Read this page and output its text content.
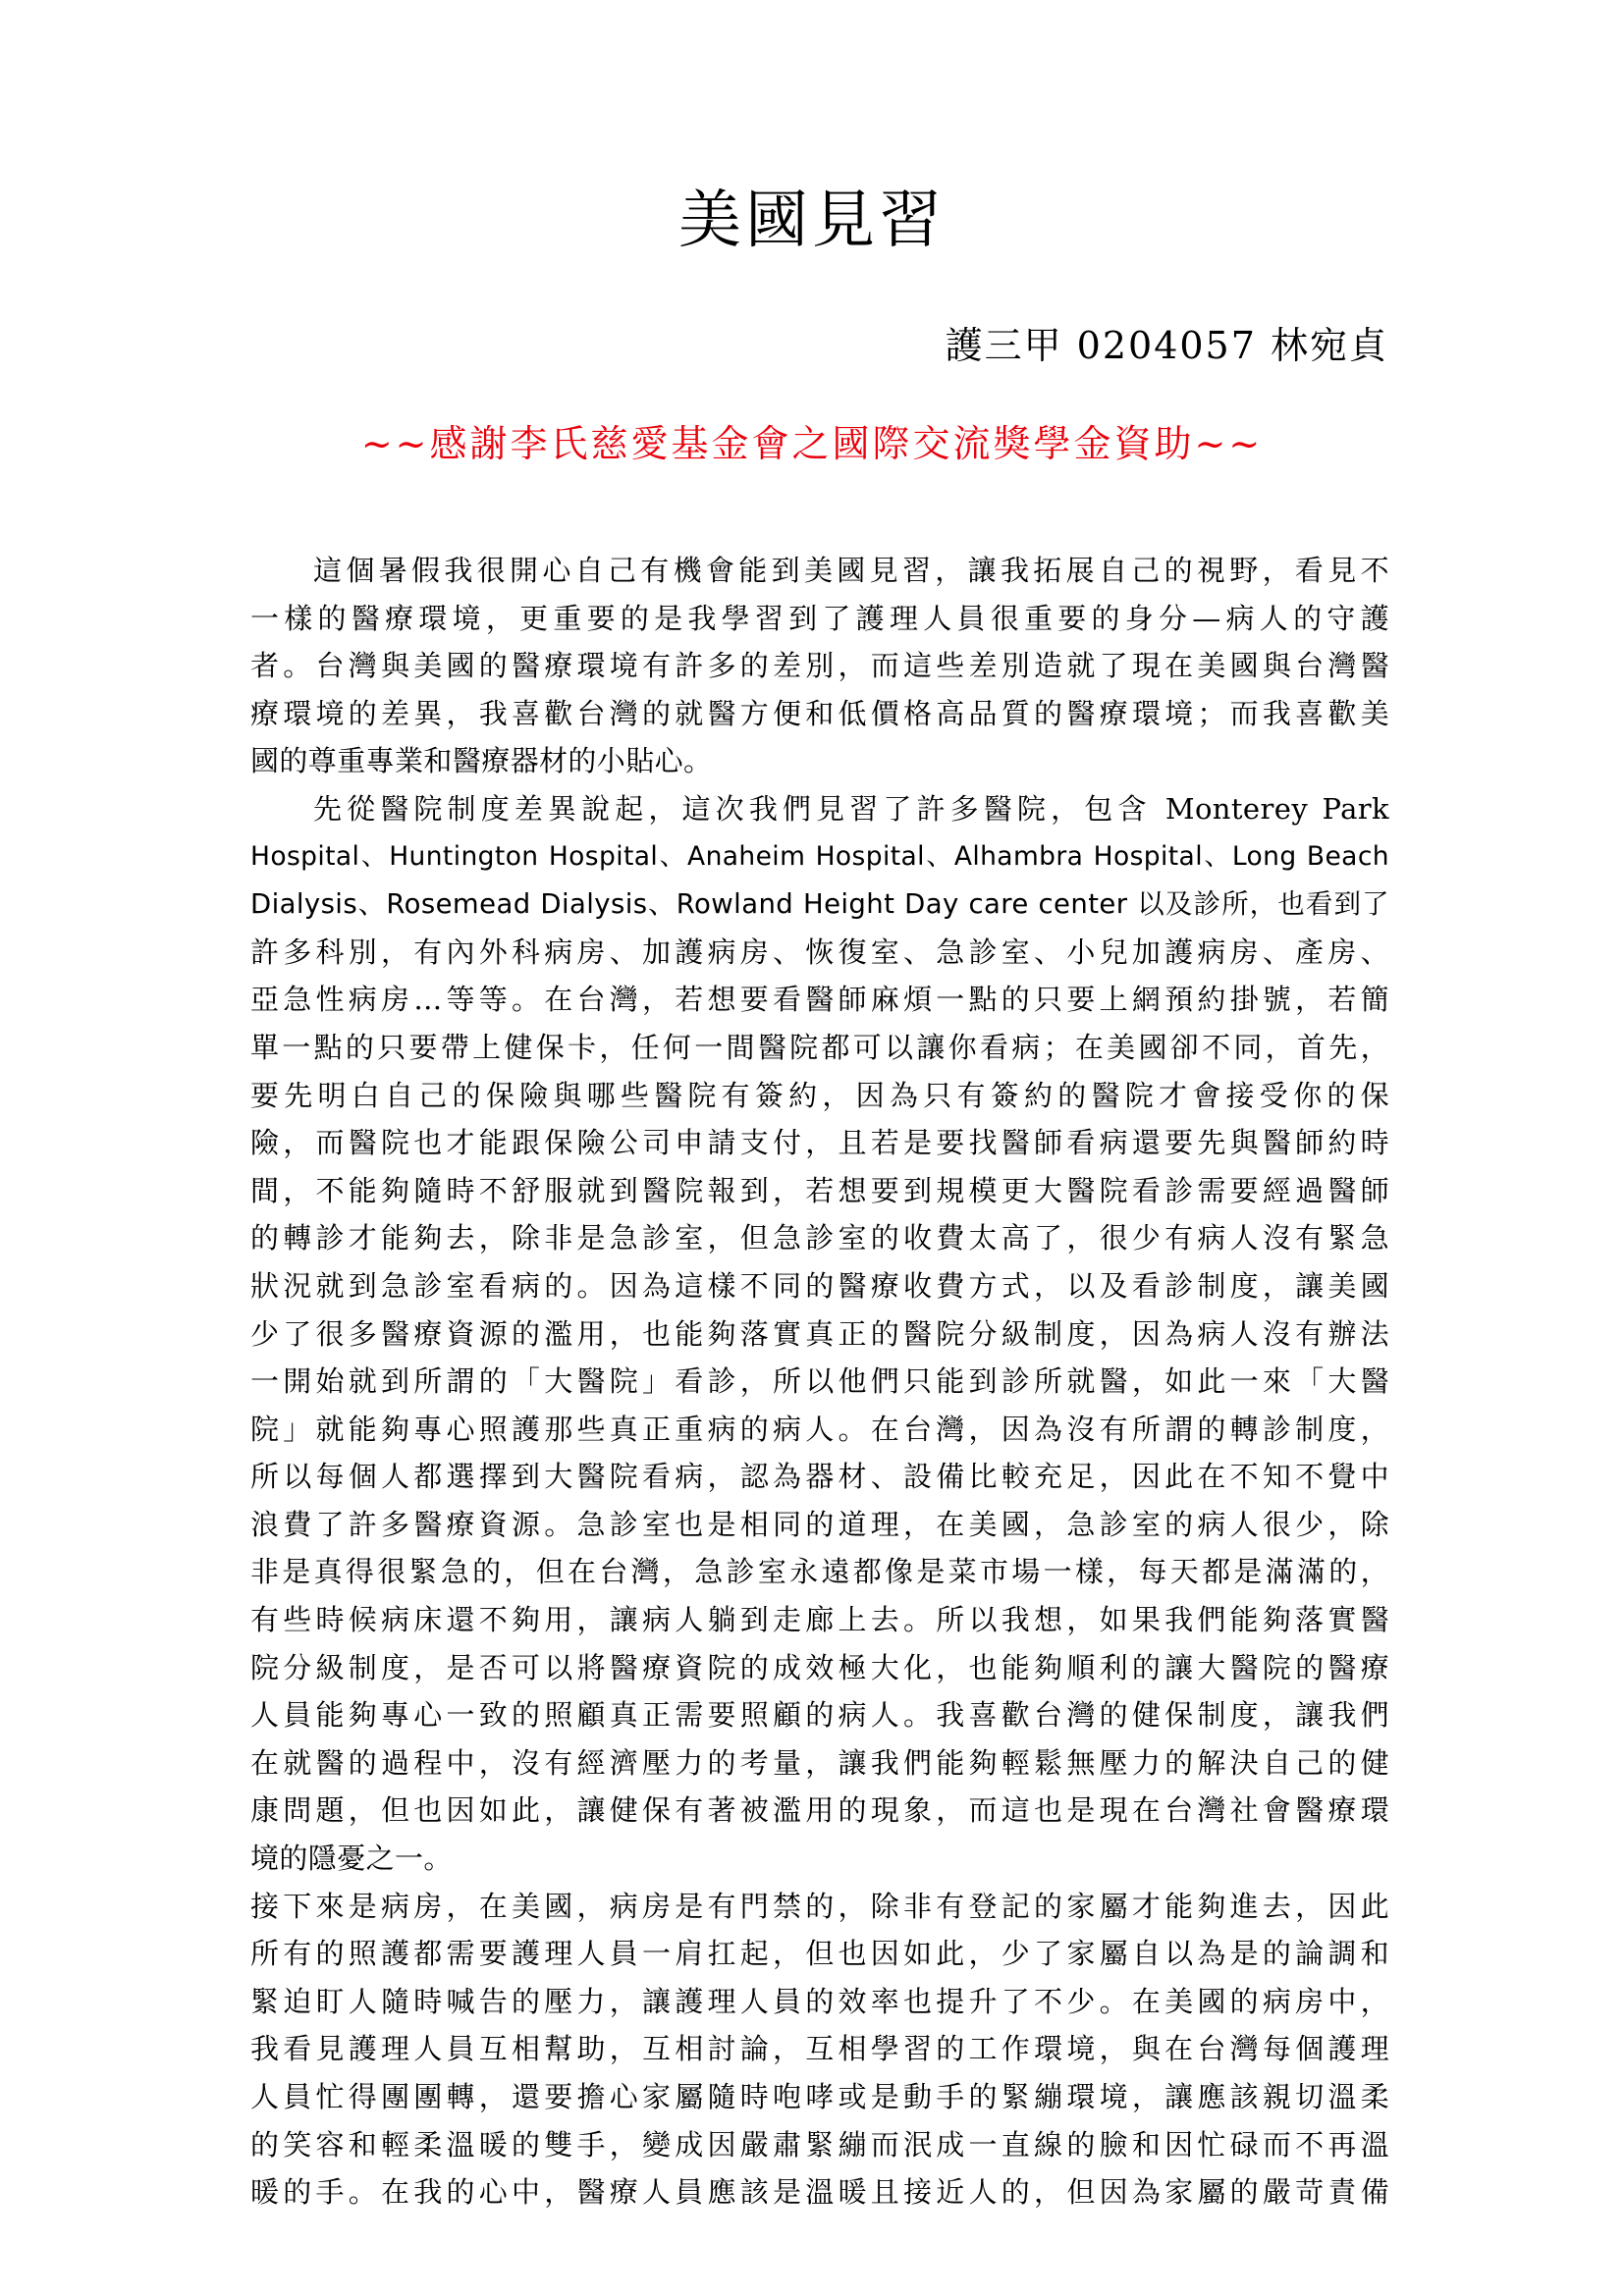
美國見習
護三甲 0204057 林宛貞
~~感謝李氏慈愛基金會之國際交流獎學金資助~~
這個暑假我很開心自己有機會能到美國見習，讓我拓展自己的視野，看見不
一樣的醫療環境，更重要的是我學習到了護理人員很重要的身分—病人的守護
者。台灣與美國的醫療環境有許多的差別，而這些差別造就了現在美國與台灣醫
療環境的差異，我喜歡台灣的就醫方便和低價格高品質的醫療環境；而我喜歡美
國的尊重專業和醫療器材的小貼心。
先從醫院制度差異說起，這次我們見習了許多醫院，包含 Monterey Park
Hospital、Huntington Hospital、Anaheim Hospital、Alhambra Hospital、Long Beach
Dialysis、Rosemead Dialysis、Rowland Height Day care center 以及診所，也看到了
許多科別，有內外科病房、加護病房、恢復室、急診室、小兒加護病房、產房、
亞急性病房…等等。在台灣，若想要看醫師麻煩一點的只要上網預約掛號，若簡
單一點的只要帶上健保卡，任何一間醫院都可以讓你看病；在美國卻不同，首先，
要先明白自己的保險與哪些醫院有簽約，因為只有簽約的醫院才會接受你的保
險，而醫院也才能跟保險公司申請支付，且若是要找醫師看病還要先與醫師約時
間，不能夠隨時不舒服就到醫院報到，若想要到規模更大醫院看診需要經過醫師
的轉診才能夠去，除非是急診室，但急診室的收費太高了，很少有病人沒有緊急
狀況就到急診室看病的。因為這樣不同的醫療收費方式，以及看診制度，讓美國
少了很多醫療資源的濫用，也能夠落實真正的醫院分級制度，因為病人沒有辦法
一開始就到所謂的「大醫院」看診，所以他們只能到診所就醫，如此一來「大醫
院」就能夠專心照護那些真正重病的病人。在台灣，因為沒有所謂的轉診制度，
所以每個人都選擇到大醫院看病，認為器材、設備比較充足，因此在不知不覺中
浪費了許多醫療資源。急診室也是相同的道理，在美國，急診室的病人很少，除
非是真得很緊急的，但在台灣，急診室永遠都像是菜市場一樣，每天都是滿滿的，
有些時候病床還不夠用，讓病人躺到走廊上去。所以我想，如果我們能夠落實醫
院分級制度，是否可以將醫療資院的成效極大化，也能夠順利的讓大醫院的醫療
人員能夠專心一致的照顧真正需要照顧的病人。我喜歡台灣的健保制度，讓我們
在就醫的過程中，沒有經濟壓力的考量，讓我們能夠輕鬆無壓力的解決自己的健
康問題，但也因如此，讓健保有著被濫用的現象，而這也是現在台灣社會醫療環
境的隱憂之一。
接下來是病房，在美國，病房是有門禁的，除非有登記的家屬才能夠進去，因此
所有的照護都需要護理人員一肩扛起，但也因如此，少了家屬自以為是的論調和
緊迫盯人隨時喊告的壓力，讓護理人員的效率也提升了不少。在美國的病房中，
我看見護理人員互相幫助，互相討論，互相學習的工作環境，與在台灣每個護理
人員忙得團團轉，還要擔心家屬隨時咆哮或是動手的緊繃環境，讓應該親切溫柔
的笑容和輕柔溫暖的雙手，變成因嚴肅緊繃而泯成一直線的臉和因忙碌而不再溫
暖的手。在我的心中，醫療人員應該是溫暖且接近人的，但因為家屬的嚴苛責備
